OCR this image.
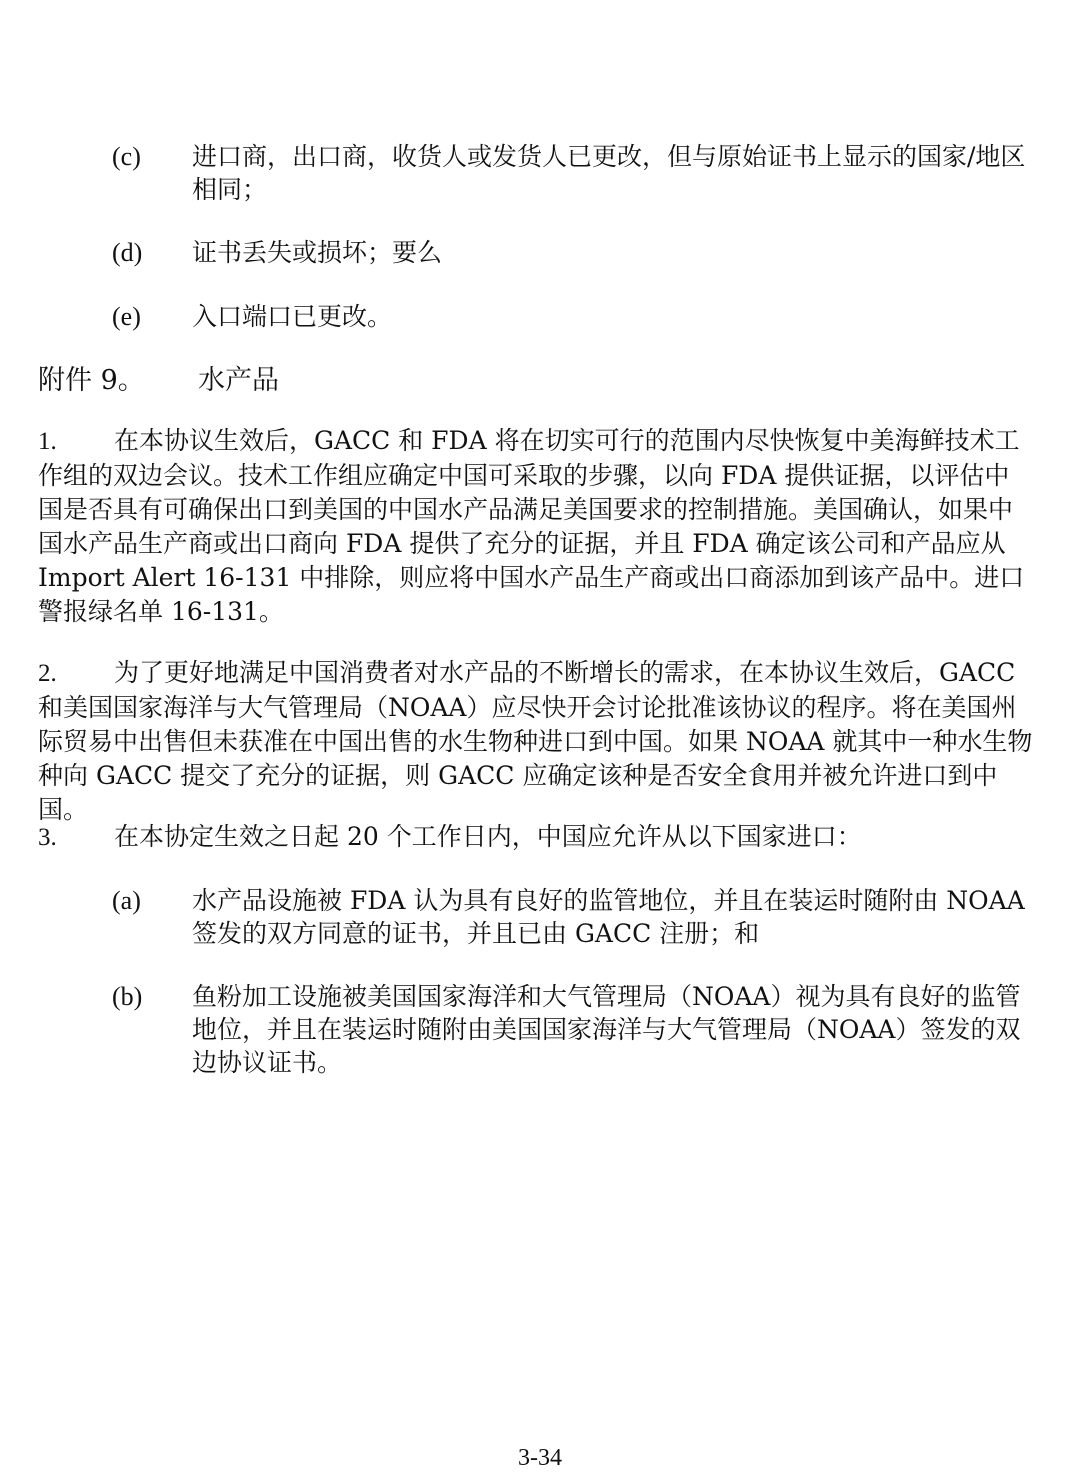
(c)	进口商，出口商，收货人或发货人已更改，但与原始证书上显示的国家/地区相同；
(d)	证书丢失或损坏；要么
(e)	入口端口已更改。
附件 9。	水产品
1. 在本协议生效后，GACC 和 FDA 将在切实可行的范围内尽快恢复中美海鲜技术工作组的双边会议。技术工作组应确定中国可采取的步骤，以向 FDA 提供证据，以评估中国是否具有可确保出口到美国的中国水产品满足美国要求的控制措施。美国确认，如果中国水产品生产商或出口商向 FDA 提供了充分的证据，并且 FDA 确定该公司和产品应从 Import Alert 16-131 中排除，则应将中国水产品生产商或出口商添加到该产品中。进口警报绿名单 16-131。
2. 为了更好地满足中国消费者对水产品的不断增长的需求，在本协议生效后，GACC 和美国国家海洋与大气管理局（NOAA）应尽快开会讨论批准该协议的程序。将在美国州际贸易中出售但未获准在中国出售的水生物种进口到中国。如果 NOAA 就其中一种水生物种向 GACC 提交了充分的证据，则 GACC 应确定该种是否安全食用并被允许进口到中国。
3. 在本协定生效之日起 20 个工作日内，中国应允许从以下国家进口：
(a)	水产品设施被 FDA 认为具有良好的监管地位，并且在装运时随附由 NOAA 签发的双方同意的证书，并且已由 GACC 注册；和
(b)	鱼粉加工设施被美国国家海洋和大气管理局（NOAA）视为具有良好的监管地位，并且在装运时随附由美国国家海洋与大气管理局（NOAA）签发的双边协议证书。
3-34
